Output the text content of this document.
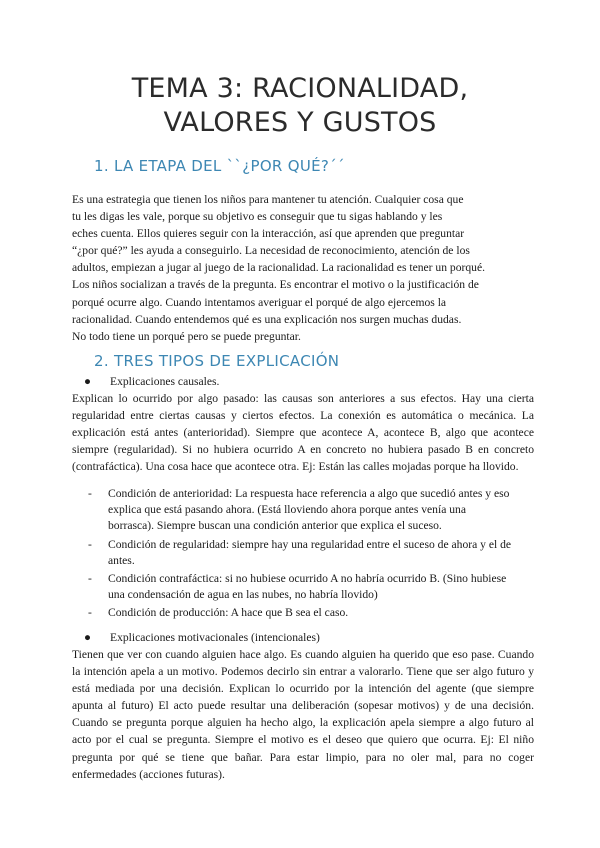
TEMA 3: RACIONALIDAD,
VALORES Y GUSTOS
1. LA ETAPA DEL ``¿POR QUÉ?´´
Es una estrategia que tienen los niños para mantener tu atención. Cualquier cosa que
tu les digas les vale, porque su objetivo es conseguir que tu sigas hablando y les
eches cuenta. Ellos quieres seguir con la interacción, así que aprenden que preguntar
“¿por qué?” les ayuda a conseguirlo. La necesidad de reconocimiento, atención de los
adultos, empiezan a jugar al juego de la racionalidad. La racionalidad es tener un porqué.
Los niños socializan a través de la pregunta. Es encontrar el motivo o la justificación de
porqué ocurre algo. Cuando intentamos averiguar el porqué de algo ejercemos la
racionalidad. Cuando entendemos qué es una explicación nos surgen muchas dudas.
No todo tiene un porqué pero se puede preguntar.
2. TRES TIPOS DE EXPLICACIÓN
● Explicaciones causales.
Explican lo ocurrido por algo pasado: las causas son anteriores a sus efectos. Hay una cierta regularidad entre ciertas causas y ciertos efectos. La conexión es automática o mecánica. La explicación está antes (anterioridad). Siempre que acontece A, acontece B, algo que acontece siempre (regularidad). Si no hubiera ocurrido A en concreto no hubiera pasado B en concreto (contrafáctica). Una cosa hace que acontece otra. Ej: Están las calles mojadas porque ha llovido.
- Condición de anterioridad: La respuesta hace referencia a algo que sucedió antes y eso explica que está pasando ahora. (Está lloviendo ahora porque antes venía una borrasca). Siempre buscan una condición anterior que explica el suceso.
- Condición de regularidad: siempre hay una regularidad entre el suceso de ahora y el de antes.
- Condición contrafáctica: si no hubiese ocurrido A no habría ocurrido B. (Sino hubiese una condensación de agua en las nubes, no habría llovido)
- Condición de producción: A hace que B sea el caso.
● Explicaciones motivacionales (intencionales)
Tienen que ver con cuando alguien hace algo. Es cuando alguien ha querido que eso pase. Cuando la intención apela a un motivo. Podemos decirlo sin entrar a valorarlo. Tiene que ser algo futuro y está mediada por una decisión. Explican lo ocurrido por la intención del agente (que siempre apunta al futuro) El acto puede resultar una deliberación (sopesar motivos) y de una decisión. Cuando se pregunta porque alguien ha hecho algo, la explicación apela siempre a algo futuro al acto por el cual se pregunta. Siempre el motivo es el deseo que quiero que ocurra. Ej: El niño pregunta por qué se tiene que bañar. Para estar limpio, para no oler mal, para no coger enfermedades (acciones futuras).
